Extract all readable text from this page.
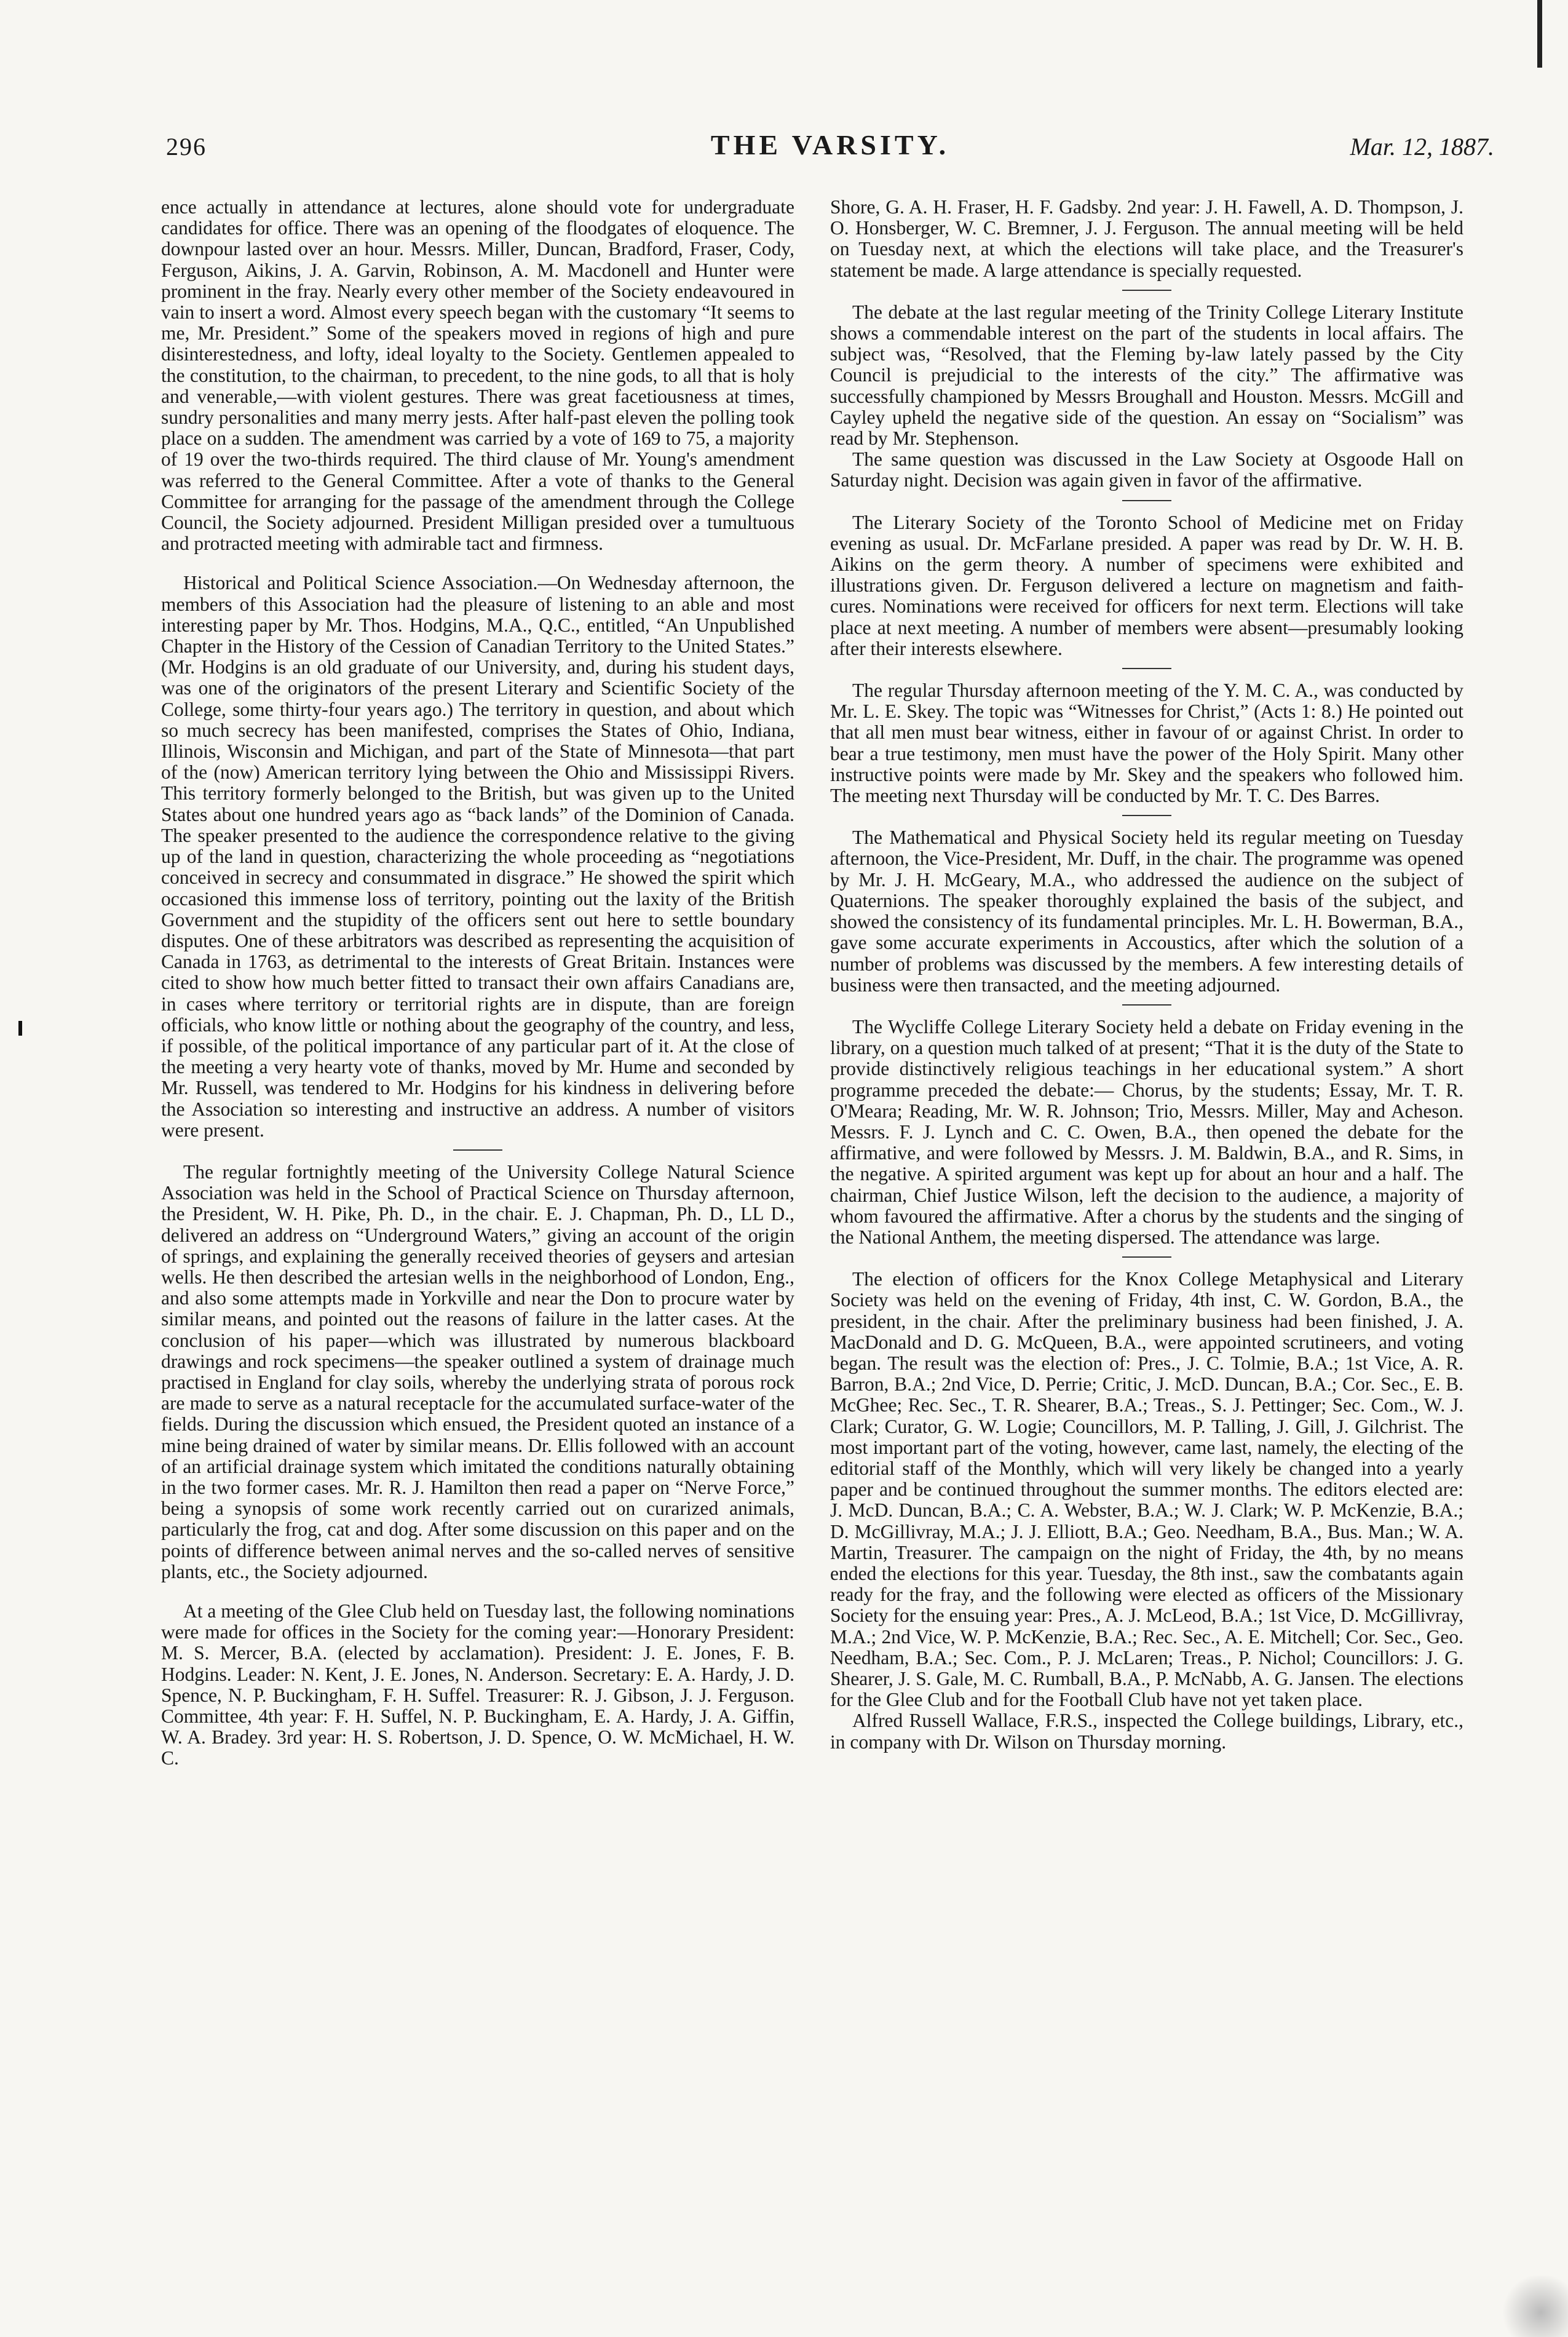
296	THE VARSITY.	Mar. 12, 1887.

ence actually in attendance at lectures, alone should vote for undergraduate candidates for office. There was an opening of the floodgates of eloquence. The downpour lasted over an hour. Messrs. Miller, Duncan, Bradford, Fraser, Cody, Ferguson, Aikins, J. A. Garvin, Robinson, A. M. Macdonell and Hunter were prominent in the fray. Nearly every other member of the Society endeavoured in vain to insert a word. Almost every speech began with the customary “It seems to me, Mr. President.” Some of the speakers moved in regions of high and pure disinterestedness, and lofty, ideal loyalty to the Society. Gentlemen appealed to the constitution, to the chairman, to precedent, to the nine gods, to all that is holy and venerable,—with violent gestures. There was great facetiousness at times, sundry personalities and many merry jests. After half-past eleven the polling took place on a sudden. The amendment was carried by a vote of 169 to 75, a majority of 19 over the two-thirds required. The third clause of Mr. Young's amendment was referred to the General Committee. After a vote of thanks to the General Committee for arranging for the passage of the amendment through the College Council, the Society adjourned. President Milligan presided over a tumultuous and protracted meeting with admirable tact and firmness.

Historical and Political Science Association.—On Wednesday afternoon, the members of this Association had the pleasure of listening to an able and most interesting paper by Mr. Thos. Hodgins, M.A., Q.C., entitled, “An Unpublished Chapter in the History of the Cession of Canadian Territory to the United States.” (Mr. Hodgins is an old graduate of our University, and, during his student days, was one of the originators of the present Literary and Scientific Society of the College, some thirty-four years ago.) The territory in question, and about which so much secrecy has been manifested, comprises the States of Ohio, Indiana, Illinois, Wisconsin and Michigan, and part of the State of Minnesota—that part of the (now) American territory lying between the Ohio and Mississippi Rivers. This territory formerly belonged to the British, but was given up to the United States about one hundred years ago as “back lands” of the Dominion of Canada. The speaker presented to the audience the correspondence relative to the giving up of the land in question, characterizing the whole proceeding as “negotiations conceived in secrecy and consummated in disgrace.” He showed the spirit which occasioned this immense loss of territory, pointing out the laxity of the British Government and the stupidity of the officers sent out here to settle boundary disputes. One of these arbitrators was described as representing the acquisition of Canada in 1763, as detrimental to the interests of Great Britain. Instances were cited to show how much better fitted to transact their own affairs Canadians are, in cases where territory or territorial rights are in dispute, than are foreign officials, who know little or nothing about the geography of the country, and less, if possible, of the political importance of any particular part of it. At the close of the meeting a very hearty vote of thanks, moved by Mr. Hume and seconded by Mr. Russell, was tendered to Mr. Hodgins for his kindness in delivering before the Association so interesting and instructive an address. A number of visitors were present.

The regular fortnightly meeting of the University College Natural Science Association was held in the School of Practical Science on Thursday afternoon, the President, W. H. Pike, Ph. D., in the chair. E. J. Chapman, Ph. D., LL D., delivered an address on “Underground Waters,” giving an account of the origin of springs, and explaining the generally received theories of geysers and artesian wells. He then described the artesian wells in the neighborhood of London, Eng., and also some attempts made in Yorkville and near the Don to procure water by similar means, and pointed out the reasons of failure in the latter cases. At the conclusion of his paper—which was illustrated by numerous blackboard drawings and rock specimens—the speaker outlined a system of drainage much practised in England for clay soils, whereby the underlying strata of porous rock are made to serve as a natural receptacle for the accumulated surface-water of the fields. During the discussion which ensued, the President quoted an instance of a mine being drained of water by similar means. Dr. Ellis followed with an account of an artificial drainage system which imitated the conditions naturally obtaining in the two former cases. Mr. R. J. Hamilton then read a paper on “Nerve Force,” being a synopsis of some work recently carried out on curarized animals, particularly the frog, cat and dog. After some discussion on this paper and on the points of difference between animal nerves and the so-called nerves of sensitive plants, etc., the Society adjourned.

At a meeting of the Glee Club held on Tuesday last, the following nominations were made for offices in the Society for the coming year:—Honorary President: M. S. Mercer, B.A. (elected by acclamation). President: J. E. Jones, F. B. Hodgins. Leader: N. Kent, J. E. Jones, N. Anderson. Secretary: E. A. Hardy, J. D. Spence, N. P. Buckingham, F. H. Suffel. Treasurer: R. J. Gibson, J. J. Ferguson. Committee, 4th year: F. H. Suffel, N. P. Buckingham, E. A. Hardy, J. A. Giffin, W. A. Bradey. 3rd year: H. S. Robertson, J. D. Spence, O. W. McMichael, H. W. C.

Shore, G. A. H. Fraser, H. F. Gadsby. 2nd year: J. H. Fawell, A. D. Thompson, J. O. Honsberger, W. C. Bremner, J. J. Ferguson. The annual meeting will be held on Tuesday next, at which the elections will take place, and the Treasurer's statement be made. A large attendance is specially requested.

The debate at the last regular meeting of the Trinity College Literary Institute shows a commendable interest on the part of the students in local affairs. The subject was, “Resolved, that the Fleming by-law lately passed by the City Council is prejudicial to the interests of the city.” The affirmative was successfully championed by Messrs Broughall and Houston. Messrs. McGill and Cayley upheld the negative side of the question. An essay on “Socialism” was read by Mr. Stephenson.

The same question was discussed in the Law Society at Osgoode Hall on Saturday night. Decision was again given in favor of the affirmative.

The Literary Society of the Toronto School of Medicine met on Friday evening as usual. Dr. McFarlane presided. A paper was read by Dr. W. H. B. Aikins on the germ theory. A number of specimens were exhibited and illustrations given. Dr. Ferguson delivered a lecture on magnetism and faith-cures. Nominations were received for officers for next term. Elections will take place at next meeting. A number of members were absent—presumably looking after their interests elsewhere.

The regular Thursday afternoon meeting of the Y. M. C. A., was conducted by Mr. L. E. Skey. The topic was “Witnesses for Christ,” (Acts 1: 8.) He pointed out that all men must bear witness, either in favour of or against Christ. In order to bear a true testimony, men must have the power of the Holy Spirit. Many other instructive points were made by Mr. Skey and the speakers who followed him. The meeting next Thursday will be conducted by Mr. T. C. Des Barres.

The Mathematical and Physical Society held its regular meeting on Tuesday afternoon, the Vice-President, Mr. Duff, in the chair. The programme was opened by Mr. J. H. McGeary, M.A., who addressed the audience on the subject of Quaternions. The speaker thoroughly explained the basis of the subject, and showed the consistency of its fundamental principles. Mr. L. H. Bowerman, B.A., gave some accurate experiments in Accoustics, after which the solution of a number of problems was discussed by the members. A few interesting details of business were then transacted, and the meeting adjourned.

The Wycliffe College Literary Society held a debate on Friday evening in the library, on a question much talked of at present; “That it is the duty of the State to provide distinctively religious teachings in her educational system.” A short programme preceded the debate:— Chorus, by the students; Essay, Mr. T. R. O'Meara; Reading, Mr. W. R. Johnson; Trio, Messrs. Miller, May and Acheson. Messrs. F. J. Lynch and C. C. Owen, B.A., then opened the debate for the affirmative, and were followed by Messrs. J. M. Baldwin, B.A., and R. Sims, in the negative. A spirited argument was kept up for about an hour and a half. The chairman, Chief Justice Wilson, left the decision to the audience, a majority of whom favoured the affirmative. After a chorus by the students and the singing of the National Anthem, the meeting dispersed. The attendance was large.

The election of officers for the Knox College Metaphysical and Literary Society was held on the evening of Friday, 4th inst, C. W. Gordon, B.A., the president, in the chair. After the preliminary business had been finished, J. A. MacDonald and D. G. McQueen, B.A., were appointed scrutineers, and voting began. The result was the election of: Pres., J. C. Tolmie, B.A.; 1st Vice, A. R. Barron, B.A.; 2nd Vice, D. Perrie; Critic, J. McD. Duncan, B.A.; Cor. Sec., E. B. McGhee; Rec. Sec., T. R. Shearer, B.A.; Treas., S. J. Pettinger; Sec. Com., W. J. Clark; Curator, G. W. Logie; Councillors, M. P. Talling, J. Gill, J. Gilchrist. The most important part of the voting, however, came last, namely, the electing of the editorial staff of the Monthly, which will very likely be changed into a yearly paper and be continued throughout the summer months. The editors elected are: J. McD. Duncan, B.A.; C. A. Webster, B.A.; W. J. Clark; W. P. McKenzie, B.A.; D. McGillivray, M.A.; J. J. Elliott, B.A.; Geo. Needham, B.A., Bus. Man.; W. A. Martin, Treasurer. The campaign on the night of Friday, the 4th, by no means ended the elections for this year. Tuesday, the 8th inst., saw the combatants again ready for the fray, and the following were elected as officers of the Missionary Society for the ensuing year: Pres., A. J. McLeod, B.A.; 1st Vice, D. McGillivray, M.A.; 2nd Vice, W. P. McKenzie, B.A.; Rec. Sec., A. E. Mitchell; Cor. Sec., Geo. Needham, B.A.; Sec. Com., P. J. McLaren; Treas., P. Nichol; Councillors: J. G. Shearer, J. S. Gale, M. C. Rumball, B.A., P. McNabb, A. G. Jansen. The elections for the Glee Club and for the Football Club have not yet taken place.

Alfred Russell Wallace, F.R.S., inspected the College buildings, Library, etc., in company with Dr. Wilson on Thursday morning.
